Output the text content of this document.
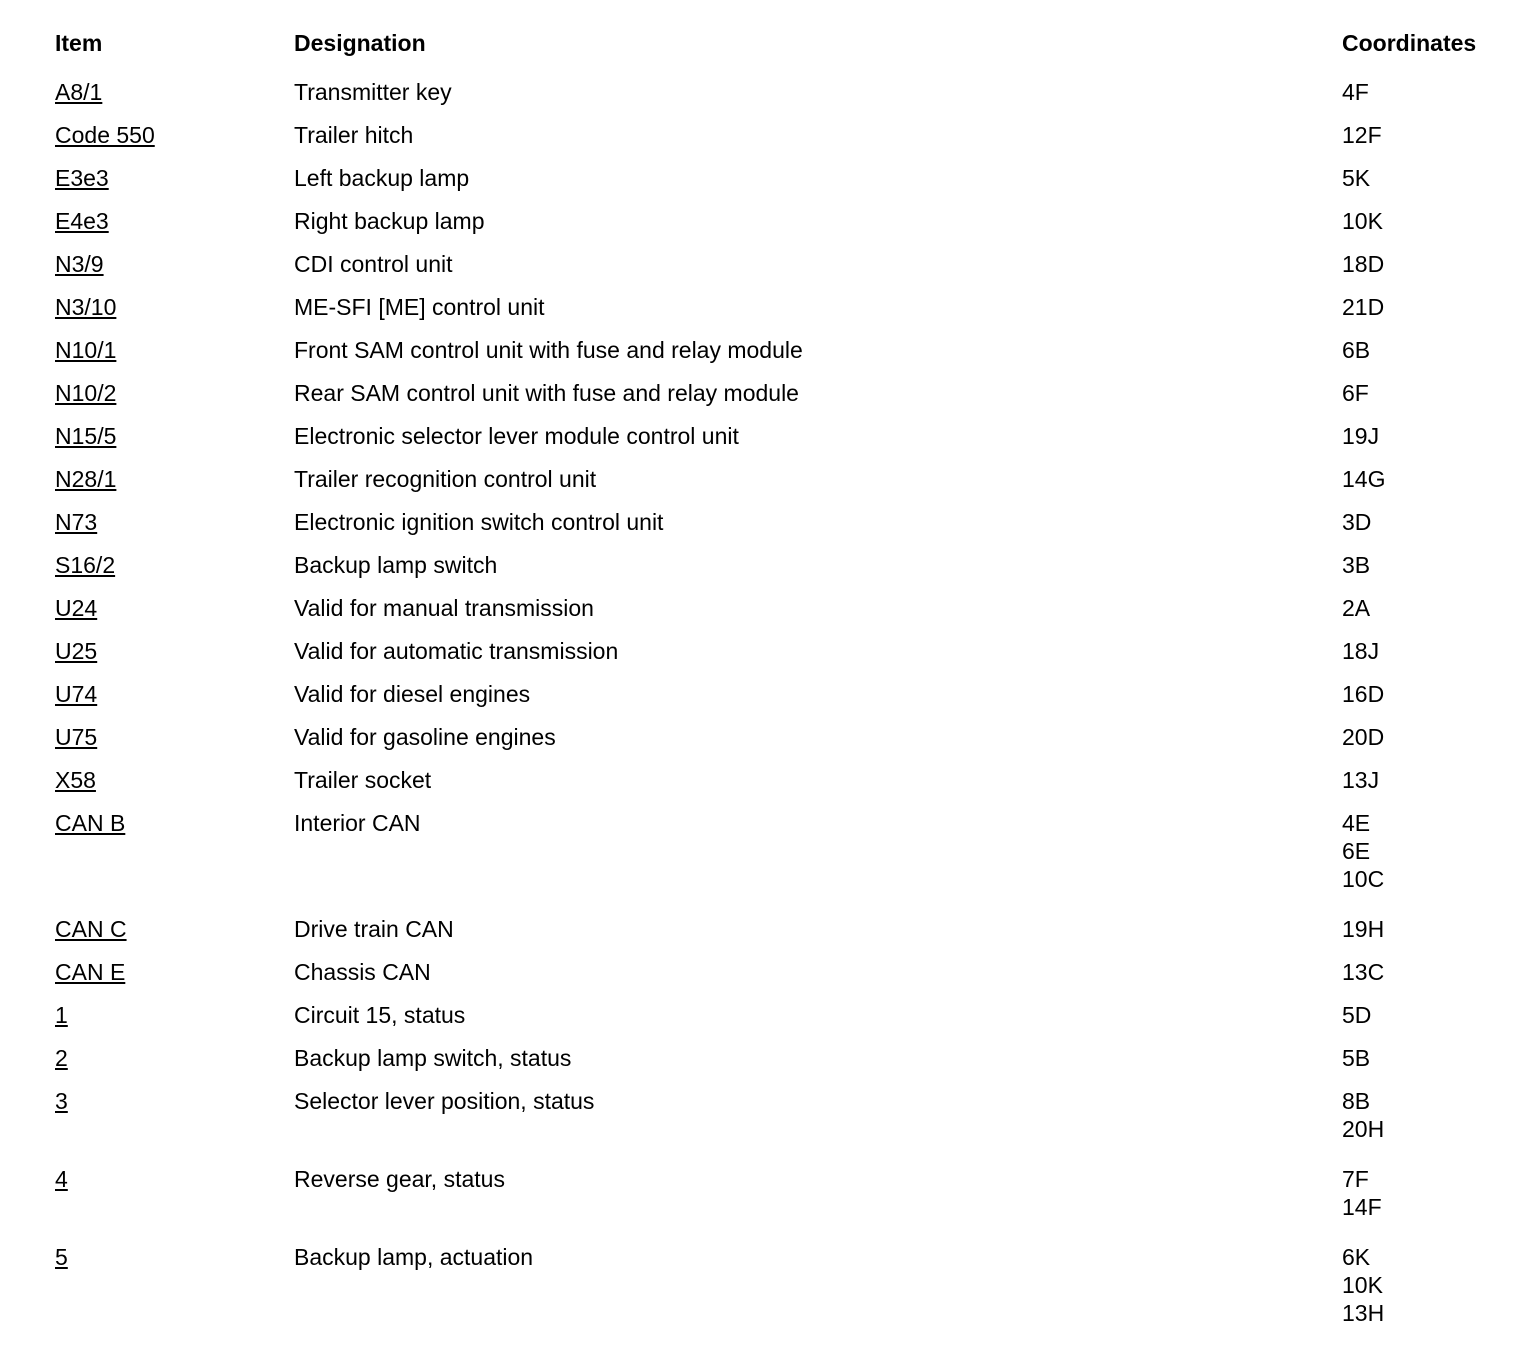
Item	Designation	Coordinates
A8/1	Transmitter key	4F
Code 550	Trailer hitch	12F
E3e3	Left backup lamp	5K
E4e3	Right backup lamp	10K
N3/9	CDI control unit	18D
N3/10	ME-SFI [ME] control unit	21D
N10/1	Front SAM control unit with fuse and relay module	6B
N10/2	Rear SAM control unit with fuse and relay module	6F
N15/5	Electronic selector lever module control unit	19J
N28/1	Trailer recognition control unit	14G
N73	Electronic ignition switch control unit	3D
S16/2	Backup lamp switch	3B
U24	Valid for manual transmission	2A
U25	Valid for automatic transmission	18J
U74	Valid for diesel engines	16D
U75	Valid for gasoline engines	20D
X58	Trailer socket	13J
CAN B	Interior CAN	4E
6E
10C
CAN C	Drive train CAN	19H
CAN E	Chassis CAN	13C
1	Circuit 15, status	5D
2	Backup lamp switch, status	5B
3	Selector lever position, status	8B
20H
4	Reverse gear, status	7F
14F
5	Backup lamp, actuation	6K
10K
13H
